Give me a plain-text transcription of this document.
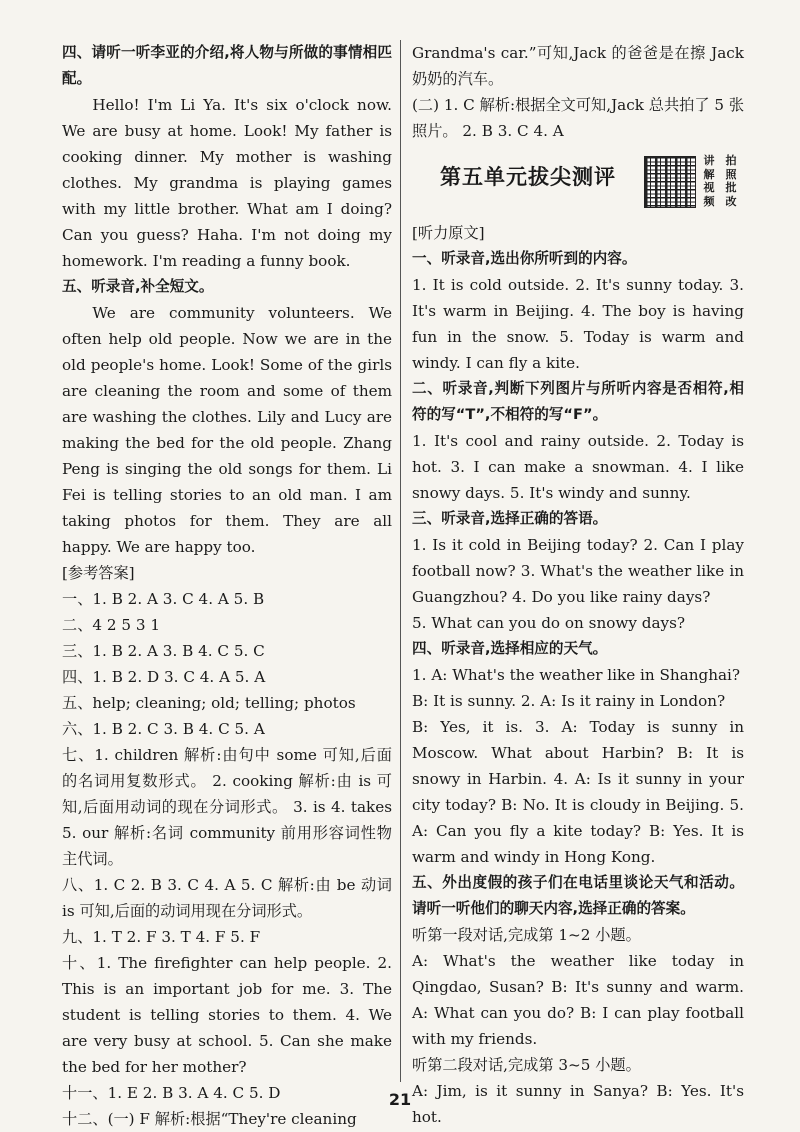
四、请听一听李亚的介绍,将人物与所做的事情相匹配。

Hello! I'm Li Ya. It's six o'clock now. We are busy at home. Look! My father is cooking dinner. My mother is washing clothes. My grandma is playing games with my little brother. What am I doing? Can you guess? Haha. I'm not doing my homework. I'm reading a funny book.

五、听录音,补全短文。

We are community volunteers. We often help old people. Now we are in the old people's home. Look! Some of the girls are cleaning the room and some of them are washing the clothes. Lily and Lucy are making the bed for the old people. Zhang Peng is singing the old songs for them. Li Fei is telling stories to an old man. I am taking photos for them. They are all happy. We are happy too.

[参考答案]

一、1. B 2. A 3. C 4. A 5. B

二、4 2 5 3 1

三、1. B 2. A 3. B 4. C 5. C

四、1. B 2. D 3. C 4. A 5. A

五、help; cleaning; old; telling; photos

六、1. B 2. C 3. B 4. C 5. A

七、1. children 解析:由句中 some 可知,后面的名词用复数形式。 2. cooking 解析:由 is 可知,后面用动词的现在分词形式。 3. is 4. takes 5. our 解析:名词 community 前用形容词性物主代词。

八、1. C 2. B 3. C 4. A 5. C 解析:由 be 动词 is 可知,后面的动词用现在分词形式。

九、1. T 2. F 3. T 4. F 5. F

十、1. The firefighter can help people. 2. This is an important job for me. 3. The student is telling stories to them. 4. We are very busy at school. 5. Can she make the bed for her mother?

十一、1. E 2. B 3. A 4. C 5. D

十二、(一) F 解析:根据“They're cleaning

Grandma's car.”可知,Jack 的爸爸是在擦 Jack 奶奶的汽车。

(二) 1. C 解析:根据全文可知,Jack 总共拍了 5 张照片。 2. B 3. C 4. A

第五单元拔尖测评
讲	拍
解	照
视	批
频	改

[听力原文]

一、听录音,选出你所听到的内容。

1. It is cold outside. 2. It's sunny today. 3. It's warm in Beijing. 4. The boy is having fun in the snow. 5. Today is warm and windy. I can fly a kite.

二、听录音,判断下列图片与所听内容是否相符,相符的写“T”,不相符的写“F”。

1. It's cool and rainy outside. 2. Today is hot. 3. I can make a snowman. 4. I like snowy days. 5. It's windy and sunny.

三、听录音,选择正确的答语。

1. Is it cold in Beijing today? 2. Can I play football now? 3. What's the weather like in Guangzhou? 4. Do you like rainy days?

5. What can you do on snowy days?

四、听录音,选择相应的天气。

1. A: What's the weather like in Shanghai?

B: It is sunny. 2. A: Is it rainy in London?

B: Yes, it is. 3. A: Today is sunny in Moscow. What about Harbin? B: It is snowy in Harbin. 4. A: Is it sunny in your city today? B: No. It is cloudy in Beijing. 5. A: Can you fly a kite today? B: Yes. It is warm and windy in Hong Kong.

五、外出度假的孩子们在电话里谈论天气和活动。请听一听他们的聊天内容,选择正确的答案。

听第一段对话,完成第 1~2 小题。

A: What's the weather like today in Qingdao, Susan? B: It's sunny and warm. A: What can you do? B: I can play football with my friends.

听第二段对话,完成第 3~5 小题。

A: Jim, is it sunny in Sanya? B: Yes. It's hot.

21
